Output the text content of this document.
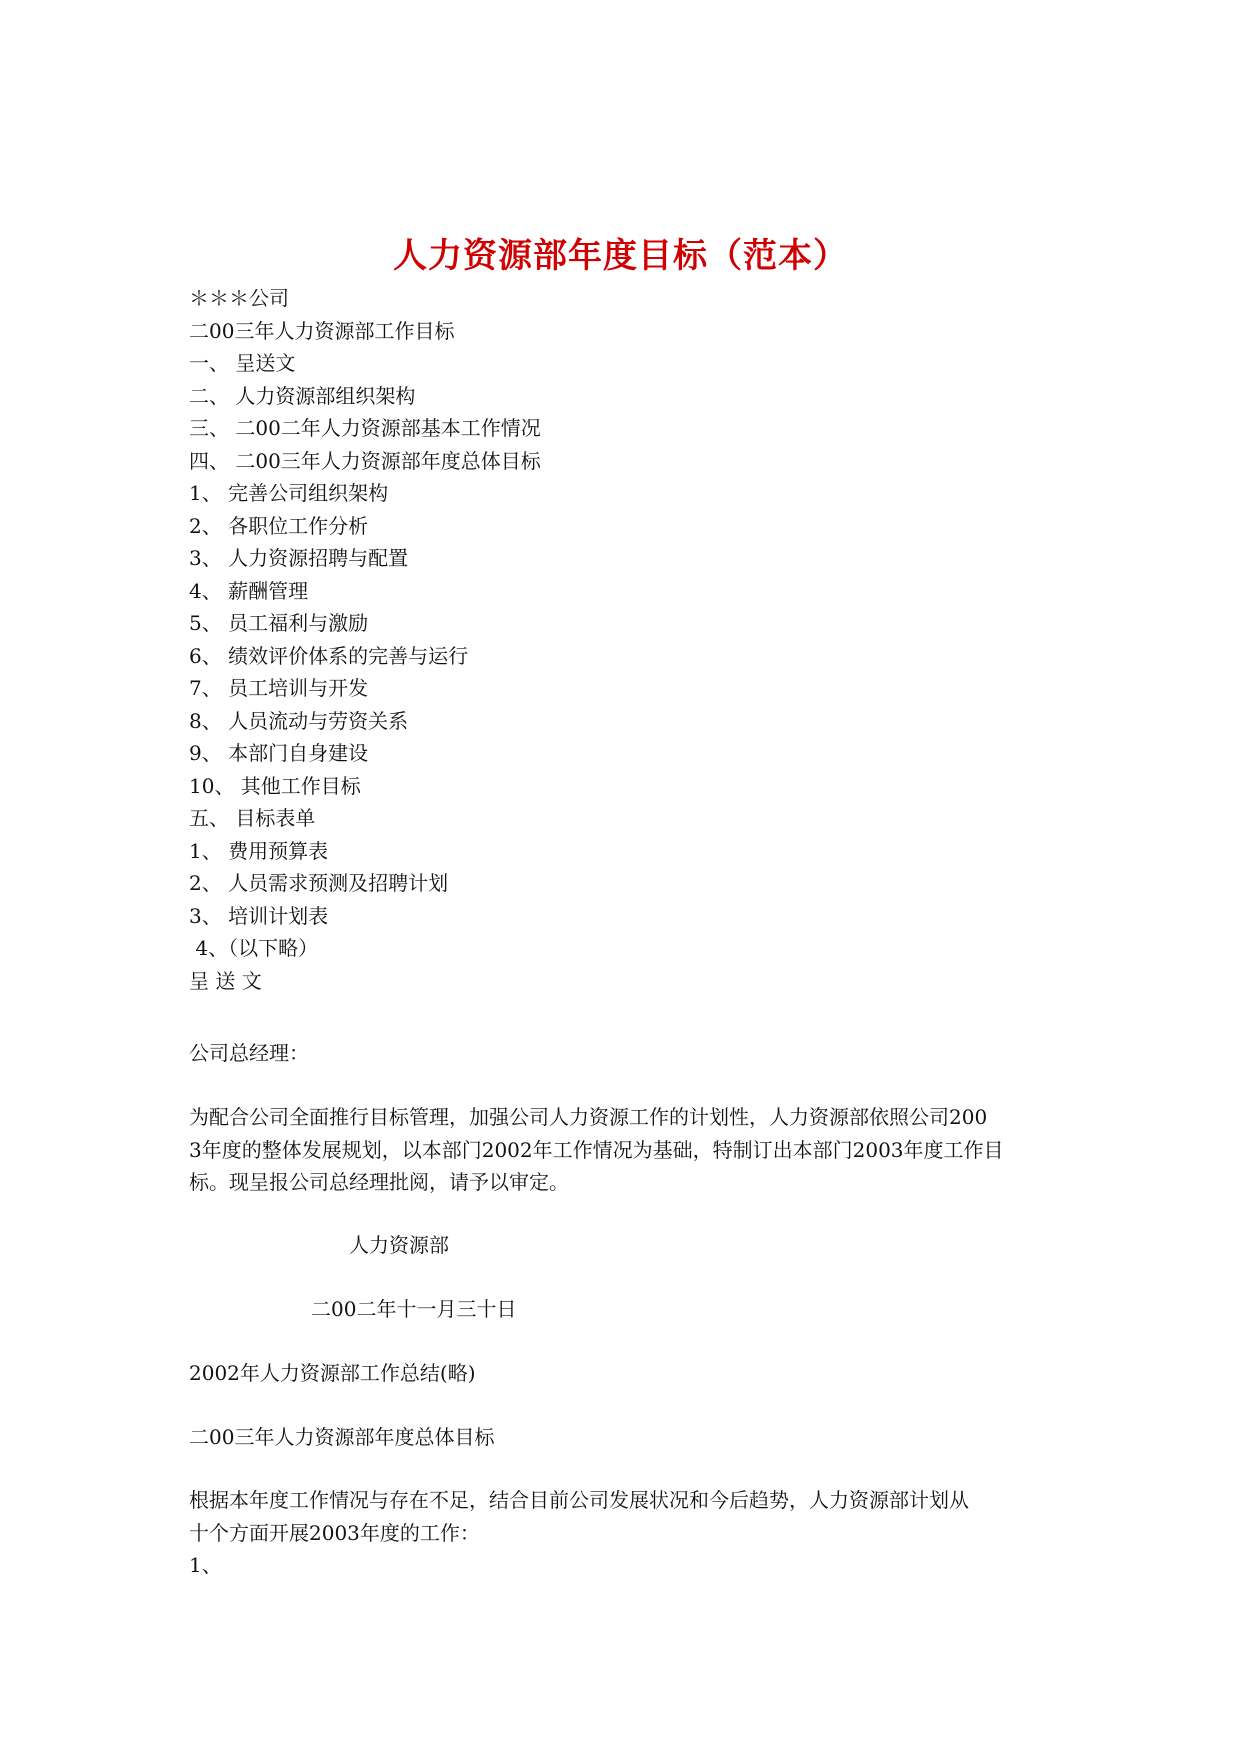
人力资源部年度目标（范本）
＊＊＊公司
二00三年人力资源部工作目标
一、 呈送文
二、 人力资源部组织架构
三、 二00二年人力资源部基本工作情况
四、 二00三年人力资源部年度总体目标
1、 完善公司组织架构
2、 各职位工作分析
3、 人力资源招聘与配置
4、 薪酬管理
5、 员工福利与激励
6、 绩效评价体系的完善与运行
7、 员工培训与开发
8、 人员流动与劳资关系
9、 本部门自身建设
10、 其他工作目标
五、 目标表单
1、 费用预算表
2、 人员需求预测及招聘计划
3、 培训计划表
4、（以下略）
呈 送 文
公司总经理：
为配合公司全面推行目标管理，加强公司人力资源工作的计划性，人力资源部依照公司200
3年度的整体发展规划，以本部门2002年工作情况为基础，特制订出本部门2003年度工作目
标。现呈报公司总经理批阅，请予以审定。
人力资源部
二00二年十一月三十日
2002年人力资源部工作总结(略)
二00三年人力资源部年度总体目标
根据本年度工作情况与存在不足，结合目前公司发展状况和今后趋势，人力资源部计划从
十个方面开展2003年度的工作：
1、
